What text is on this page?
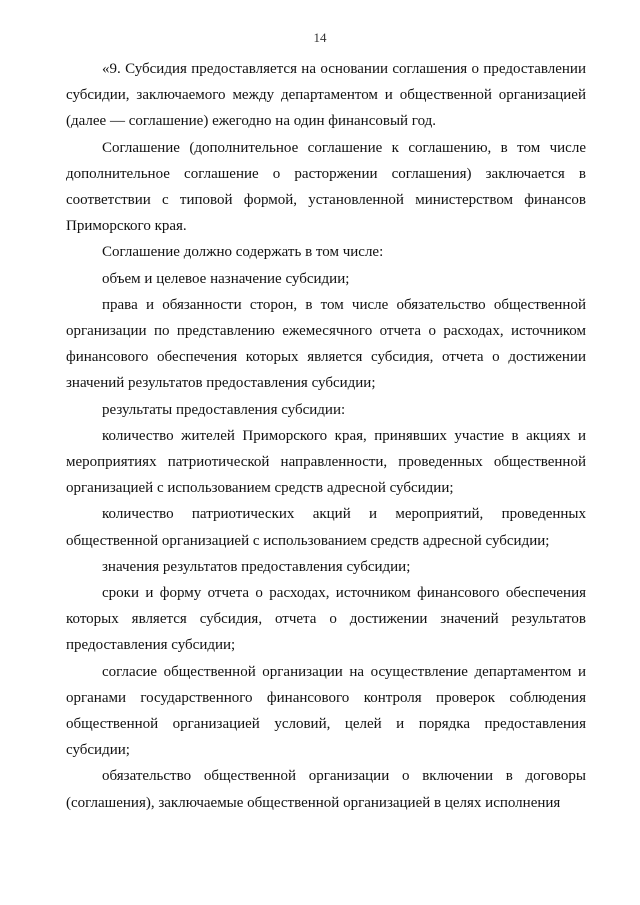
14

«9. Субсидия предоставляется на основании соглашения о предоставлении субсидии, заключаемого между департаментом и общественной организацией (далее — соглашение) ежегодно на один финансовый год.

Соглашение (дополнительное соглашение к соглашению, в том числе дополнительное соглашение о расторжении соглашения) заключается в соответствии с типовой формой, установленной министерством финансов Приморского края.

Соглашение должно содержать в том числе:

объем и целевое назначение субсидии;

права и обязанности сторон, в том числе обязательство общественной организации по представлению ежемесячного отчета о расходах, источником финансового обеспечения которых является субсидия, отчета о достижении значений результатов предоставления субсидии;

результаты предоставления субсидии:

количество жителей Приморского края, принявших участие в акциях и мероприятиях патриотической направленности, проведенных общественной организацией с использованием средств адресной субсидии;

количество патриотических акций и мероприятий, проведенных общественной организацией с использованием средств адресной субсидии;

значения результатов предоставления субсидии;

сроки и форму отчета о расходах, источником финансового обеспечения которых является субсидия, отчета о достижении значений результатов предоставления субсидии;

согласие общественной организации на осуществление департаментом и органами государственного финансового контроля проверок соблюдения общественной организацией условий, целей и порядка предоставления субсидии;

обязательство общественной организации о включении в договоры (соглашения), заключаемые общественной организацией в целях исполнения
